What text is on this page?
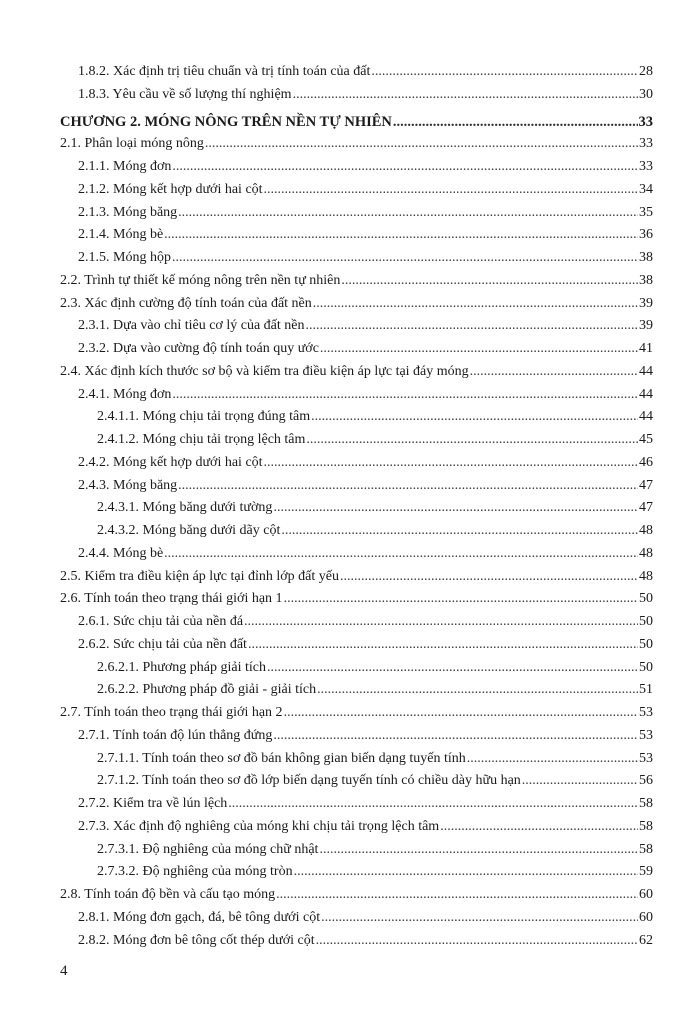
1.8.2. Xác định trị tiêu chuẩn và trị tính toán của đất .....	28
1.8.3. Yêu cầu về số lượng thí nghiệm .....	30
CHƯƠNG 2. MÓNG NÔNG TRÊN NỀN TỰ NHIÊN .....	33
2.1. Phân loại móng nông .....	33
2.1.1. Móng đơn .....	33
2.1.2. Móng kết hợp dưới hai cột .....	34
2.1.3. Móng băng .....	35
2.1.4. Móng bè .....	36
2.1.5. Móng hộp .....	38
2.2. Trình tự thiết kế móng nông trên nền tự nhiên .....	38
2.3. Xác định cường độ tính toán của đất nền .....	39
2.3.1. Dựa vào chỉ tiêu cơ lý của đất nền .....	39
2.3.2. Dựa vào cường độ tính toán quy ước .....	41
2.4. Xác định kích thước sơ bộ và kiểm tra điều kiện áp lực tại đáy móng .....	44
2.4.1. Móng đơn .....	44
2.4.1.1. Móng chịu tải trọng đúng tâm .....	44
2.4.1.2. Móng chịu tải trọng lệch tâm .....	45
2.4.2. Móng kết hợp dưới hai cột .....	46
2.4.3. Móng băng .....	47
2.4.3.1. Móng băng dưới tường .....	47
2.4.3.2. Móng băng dưới dãy cột .....	48
2.4.4. Móng bè .....	48
2.5. Kiểm tra điều kiện áp lực tại đỉnh lớp đất yếu .....	48
2.6. Tính toán theo trạng thái giới hạn 1 .....	50
2.6.1. Sức chịu tải của nền đá .....	50
2.6.2. Sức chịu tải của nền đất .....	50
2.6.2.1. Phương pháp giải tích .....	50
2.6.2.2. Phương pháp đồ giải - giải tích .....	51
2.7. Tính toán theo trạng thái giới hạn 2 .....	53
2.7.1. Tính toán độ lún thẳng đứng .....	53
2.7.1.1. Tính toán theo sơ đồ bán không gian biến dạng tuyến tính .....	53
2.7.1.2. Tính toán theo sơ đồ lớp biến dạng tuyến tính có chiều dày hữu hạn .....	56
2.7.2. Kiểm tra về lún lệch .....	58
2.7.3. Xác định độ nghiêng của móng khi chịu tải trọng lệch tâm .....	58
2.7.3.1. Độ nghiêng của móng chữ nhật .....	58
2.7.3.2. Độ nghiêng của móng tròn .....	59
2.8. Tính toán độ bền và cấu tạo móng .....	60
2.8.1. Móng đơn gạch, đá, bê tông dưới cột .....	60
2.8.2. Móng đơn bê tông cốt thép dưới cột .....	62
4
